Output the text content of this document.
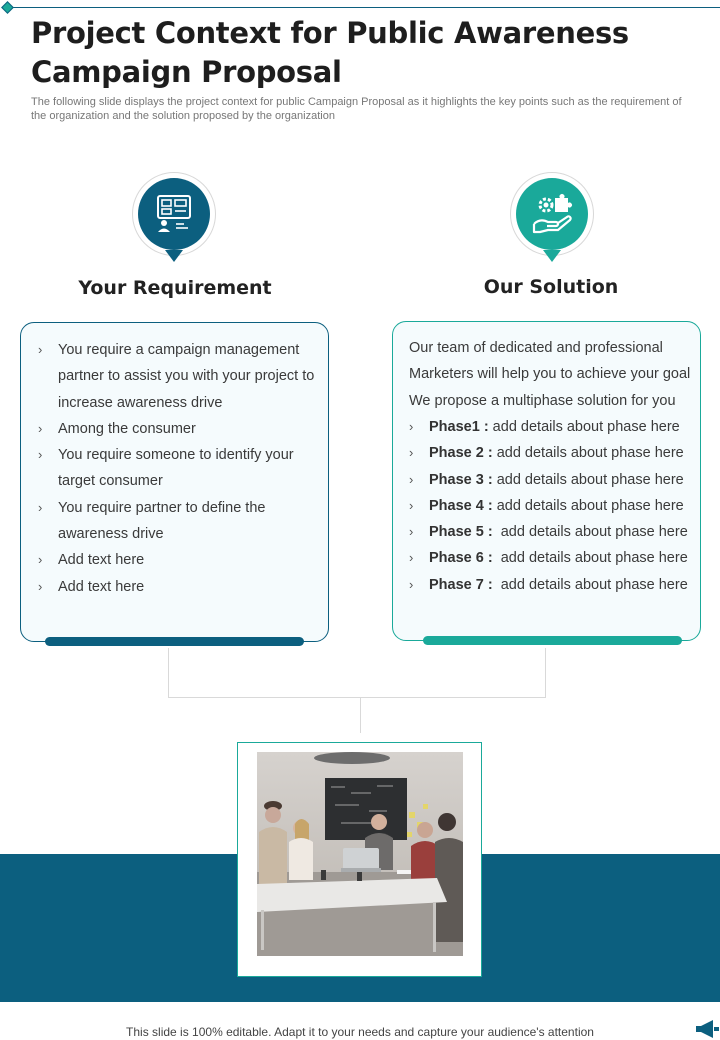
Project Context for Public Awareness Campaign Proposal

The following slide displays the project context for public Campaign Proposal as it highlights the key points such as the requirement of the organization and the solution proposed by the organization

Your Requirement	Our Solution
› You require a campaign management partner to assist you with your project to increase awareness drive
› Among the consumer
› You require someone to identify your target consumer
› You require partner to define the awareness drive
› Add text here
› Add text here

Our team of dedicated and professional Marketers will help you to achieve your goal We propose a multiphase solution for you

› Phase1 : add details about phase here
› Phase 2 : add details about phase here
› Phase 3 : add details about phase here
› Phase 4 : add details about phase here
› Phase 5 :  add details about phase here
› Phase 6 :  add details about phase here
› Phase 7 :  add details about phase here
This slide is 100% editable. Adapt it to your needs and capture your audience's attention
